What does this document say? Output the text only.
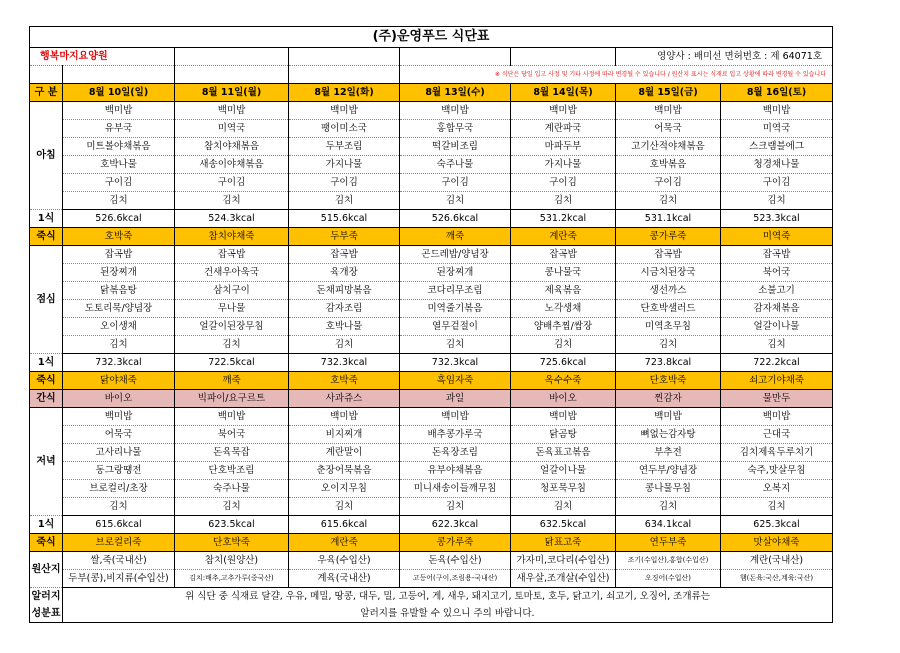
(주)운영푸드 식단표							
행복마지요양원						영양사 : 배미선 면허번호 : 제 64071호	
				※ 식단은 당일 입고 사정 및 기타 사정에 따라 변경될 수 있습니다 / 원산지 표시는 식재료 입고 상황에 따라 변경될 수 있습니다			
구 분	8월 10일(일)	8월 11일(월)	8월 12일(화)	8월 13일(수)	8월 14일(목)	8월 15일(금)	8월 16일(토)
아침	백미밥	백미밥	백미밥	백미밥	백미밥	백미밥	백미밥
	유부국	미역국	팽이미소국	홍합무국	계란파국	어묵국	미역국
	미트볼야채볶음	참치야채볶음	두부조림	떡갈비조림	마파두부	고기산적야채볶음	스크램블에그
	호박나물	새송이야채볶음	가지나물	숙주나물	가지나물	호박볶음	청경채나물
	구이김	구이김	구이김	구이김	구이김	구이김	구이김
	김치	김치	김치	김치	김치	김치	김치
1식	526.6kcal	524.3kcal	515.6kcal	526.6kcal	531.2kcal	531.1kcal	523.3kcal
죽식	호박죽	참치야채죽	두부죽	깨죽	계란죽	콩가루죽	미역죽
점심	잡곡밥	잡곡밥	잡곡밥	곤드레밥/양념장	잡곡밥	잡곡밥	잡곡밥
	된장찌개	건새우아욱국	육개장	된장찌개	콩나물국	시금치된장국	북어국
	닭볶음탕	삼치구이	돈채피망볶음	코다리무조림	제육볶음	생선까스	소불고기
	도토리묵/양념장	무나물	감자조림	미역줄기볶음	노각생채	단호박샐러드	감자채볶음
	오이생채	얼갈이된장무침	호박나물	열무겉절이	양배추찜/쌈장	미역초무침	얼갈이나물
	김치	김치	김치	김치	김치	김치	김치
1식	732.3kcal	722.5kcal	732.3kcal	732.3kcal	725.6kcal	723.8kcal	722.2kcal
죽식	닭야채죽	깨죽	호박죽	흑임자죽	옥수수죽	단호박죽	쇠고기야채죽
간식	바이오	빅파이/요구르트	사과쥬스	과일	바이오	찐감자	물만두
저녁	백미밥	백미밥	백미밥	백미밥	백미밥	백미밥	백미밥
	어묵국	북어국	비지찌개	배추콩가루국	닭곰탕	뼈없는감자탕	근대국
	고사리나물	돈육묵잡	계란말이	돈육장조림	돈육표고볶음	부추전	김치제육두루치기
	동그랑땡전	단호박조림	춘장어묵볶음	유부야채볶음	얼갈이나물	연두부/양념장	숙주,맛살무침
	브로컬리/초장	숙주나물	오이지무침	미니새송이들깨무침	청포묵무침	콩나물무침	오복지
	김치	김치	김치	김치	김치	김치	김치
1식	615.6kcal	623.5kcal	615.6kcal	622.3kcal	632.5kcal	634.1kcal	625.3kcal
죽식	브로컬리죽	단호박죽	계란죽	콩가루죽	닭표고죽	연두부죽	맛살야채죽
원산지	쌀,죽(국내산)	참치(원양산)	우육(수입산)	돈육(수입산)	가자미,코다리(수입산)	조기(수입산),홍합(수입산)	계란(국내산)
	두부(콩),비지류(수입산)	김치:배추,고추가루(중국산)	계육(국내산)	고등어(구이,조림용-국내산)	새우살,조개살(수입산)	오징어(수입산)	햄(돈육:국산,계육:국산)
알러지	위 식단 중 식재료 달걀, 우유, 메밀, 땅콩, 대두, 밀, 고등어, 게, 새우, 돼지고기, 토마토, 호두, 닭고기, 쇠고기, 오징어, 조개류는						
성분표	알러지를 유발할 수 있으니 주의 바랍니다.						
